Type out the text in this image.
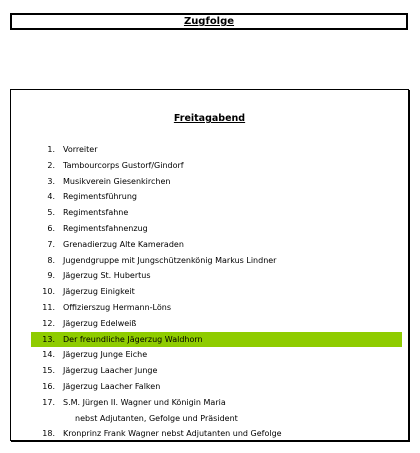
Zugfolge
Freitagabend
1. Vorreiter
2. Tambourcorps Gustorf/Gindorf
3. Musikverein Giesenkirchen
4. Regimentsführung
5. Regimentsfahne
6. Regimentsfahnenzug
7. Grenadierzug Alte Kameraden
8. Jugendgruppe mit Jungschützenkönig Markus Lindner
9. Jägerzug St. Hubertus
10. Jägerzug Einigkeit
11. Offizierszug Hermann-Löns
12. Jägerzug Edelweiß
13. Der freundliche Jägerzug Waldhorn
14. Jägerzug Junge Eiche
15. Jägerzug Laacher Junge
16. Jägerzug Laacher Falken
17. S.M. Jürgen II. Wagner und Königin Maria
nebst Adjutanten, Gefolge und Präsident
18. Kronprinz Frank Wagner nebst Adjutanten und Gefolge
